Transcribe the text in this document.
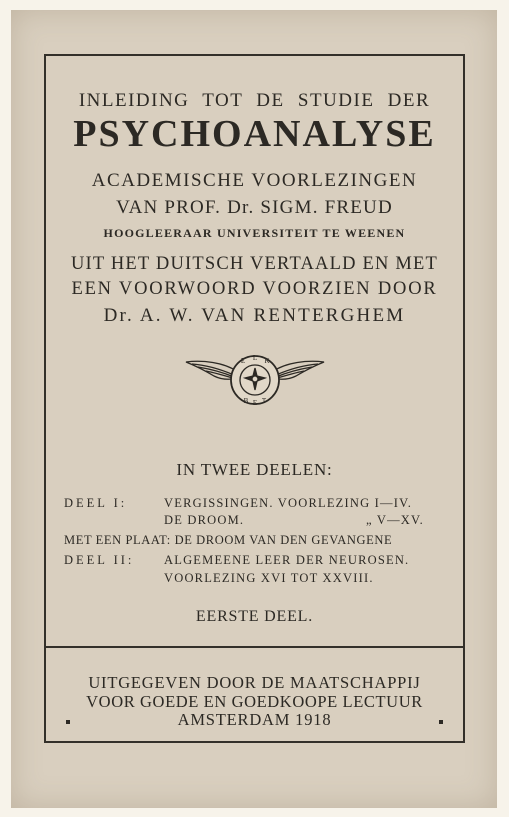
INLEIDING TOT DE STUDIE DER
PSYCHOANALYSE
ACADEMISCHE VOORLEZINGEN
VAN PROF. Dr. SIGM. FREUD
HOOGLEERAAR UNIVERSITEIT TE WEENEN
UIT HET DUITSCH VERTAALD EN MET
EEN VOORWOORD VOORZIEN DOOR
Dr. A. W. VAN RENTERGHEM
E L K
B E T
IN TWEE DEELEN:
DEEL I:	VERGISSINGEN. VOORLEZING I—IV.
DE DROOM.	„ V—XV.
MET EEN PLAAT: DE DROOM VAN DEN GEVANGENE
DEEL II: ALGEMEENE LEER DER NEUROSEN.
VOORLEZING XVI TOT XXVIII.
EERSTE DEEL.
UITGEGEVEN DOOR DE MAATSCHAPPIJ
VOOR GOEDE EN GOEDKOOPE LECTUUR
AMSTERDAM 1918
